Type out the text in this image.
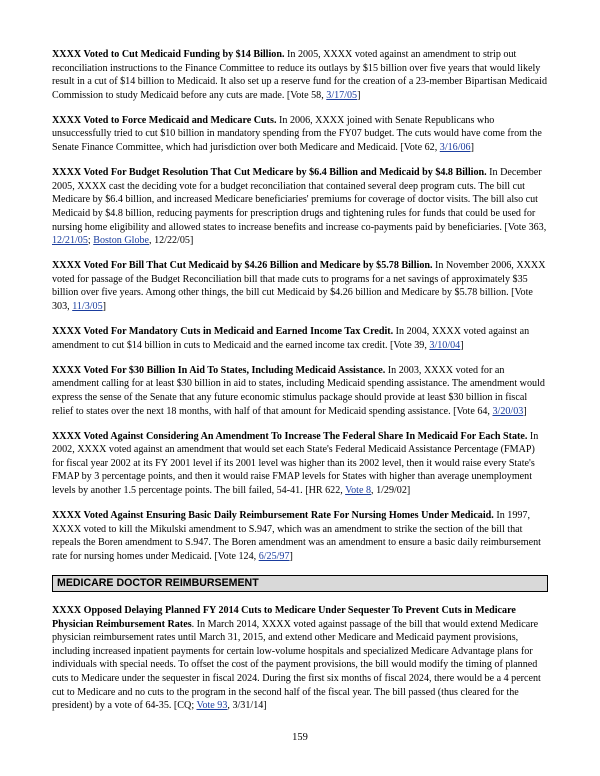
XXXX Voted to Cut Medicaid Funding by $14 Billion. In 2005, XXXX voted against an amendment to strip out reconciliation instructions to the Finance Committee to reduce its outlays by $15 billion over five years that would likely result in a cut of $14 billion to Medicaid. It also set up a reserve fund for the creation of a 23-member Bipartisan Medicaid Commission to study Medicaid before any cuts are made. [Vote 58, 3/17/05]

XXXX Voted to Force Medicaid and Medicare Cuts. In 2006, XXXX joined with Senate Republicans who unsuccessfully tried to cut $10 billion in mandatory spending from the FY07 budget. The cuts would have come from the Senate Finance Committee, which had jurisdiction over both Medicare and Medicaid. [Vote 62, 3/16/06]

XXXX Voted For Budget Resolution That Cut Medicare by $6.4 Billion and Medicaid by $4.8 Billion. In December 2005, XXXX cast the deciding vote for a budget reconciliation that contained several deep program cuts. The bill cut Medicare by $6.4 billion, and increased Medicare beneficiaries' premiums for coverage of doctor visits. The bill also cut Medicaid by $4.8 billion, reducing payments for prescription drugs and tightening rules for funds that could be used for nursing home eligibility and allowed states to increase benefits and increase co-payments paid by beneficiaries. [Vote 363, 12/21/05; Boston Globe, 12/22/05]

XXXX Voted For Bill That Cut Medicaid by $4.26 Billion and Medicare by $5.78 Billion. In November 2006, XXXX voted for passage of the Budget Reconciliation bill that made cuts to programs for a net savings of approximately $35 billion over five years. Among other things, the bill cut Medicaid by $4.26 billion and Medicare by $5.78 billion. [Vote 303, 11/3/05]

XXXX Voted For Mandatory Cuts in Medicaid and Earned Income Tax Credit. In 2004, XXXX voted against an amendment to cut $14 billion in cuts to Medicaid and the earned income tax credit. [Vote 39, 3/10/04]

XXXX Voted For $30 Billion In Aid To States, Including Medicaid Assistance. In 2003, XXXX voted for an amendment calling for at least $30 billion in aid to states, including Medicaid spending assistance. The amendment would express the sense of the Senate that any future economic stimulus package should provide at least $30 billion in fiscal relief to states over the next 18 months, with half of that amount for Medicaid spending assistance. [Vote 64, 3/20/03]

XXXX Voted Against Considering An Amendment To Increase The Federal Share In Medicaid For Each State. In 2002, XXXX voted against an amendment that would set each State's Federal Medicaid Assistance Percentage (FMAP) for fiscal year 2002 at its FY 2001 level if its 2001 level was higher than its 2002 level, then it would raise every State's FMAP by 3 percentage points, and then it would raise FMAP levels for States with higher than average unemployment levels by another 1.5 percentage points. The bill failed, 54-41. [HR 622, Vote 8, 1/29/02]

XXXX Voted Against Ensuring Basic Daily Reimbursement Rate For Nursing Homes Under Medicaid. In 1997, XXXX voted to kill the Mikulski amendment to S.947, which was an amendment to strike the section of the bill that repeals the Boren amendment to S.947. The Boren amendment was an amendment to ensure a basic daily reimbursement rate for nursing homes under Medicaid. [Vote 124, 6/25/97]

MEDICARE DOCTOR REIMBURSEMENT

XXXX Opposed Delaying Planned FY 2014 Cuts to Medicare Under Sequester To Prevent Cuts in Medicare Physician Reimbursement Rates. In March 2014, XXXX voted against passage of the bill that would extend Medicare physician reimbursement rates until March 31, 2015, and extend other Medicare and Medicaid payment provisions, including increased inpatient payments for certain low-volume hospitals and specialized Medicare Advantage plans for individuals with special needs. To offset the cost of the payment provisions, the bill would modify the timing of planned cuts to Medicare under the sequester in fiscal 2024. During the first six months of fiscal 2024, there would be a 4 percent cut to Medicare and no cuts to the program in the second half of the fiscal year. The bill passed (thus cleared for the president) by a vote of 64-35. [CQ; Vote 93, 3/31/14]

159
